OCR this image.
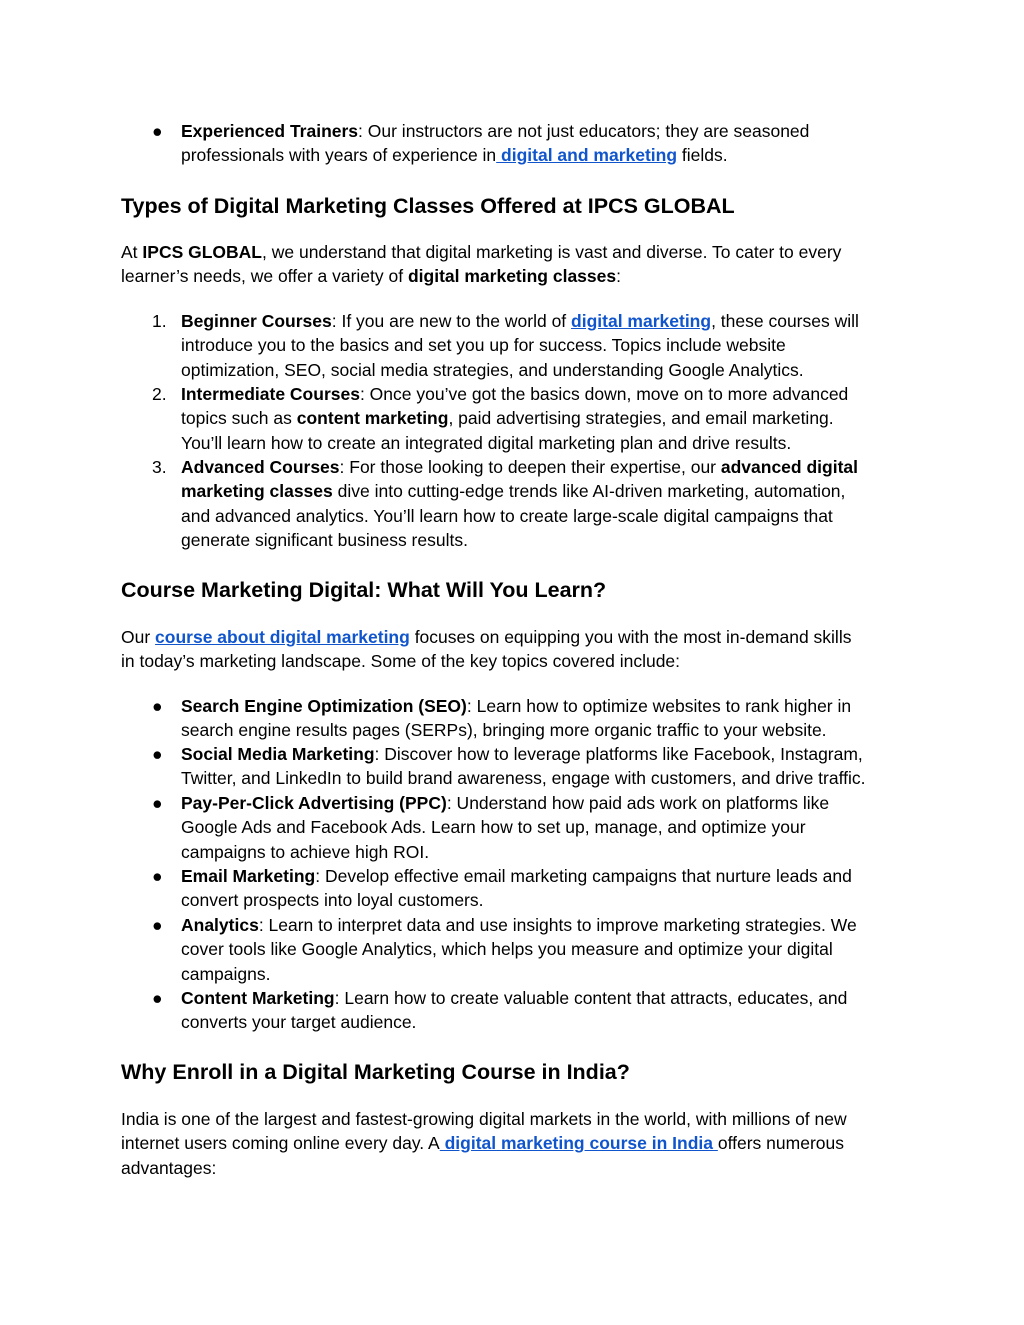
●	Experienced Trainers: Our instructors are not just educators; they are seasoned
professionals with years of experience in digital and marketing fields.
Types of Digital Marketing Classes Offered at IPCS GLOBAL
At IPCS GLOBAL, we understand that digital marketing is vast and diverse. To cater to every
learner’s needs, we offer a variety of digital marketing classes:
1. Beginner Courses: If you are new to the world of digital marketing, these courses will
introduce you to the basics and set you up for success. Topics include website
optimization, SEO, social media strategies, and understanding Google Analytics.
2. Intermediate Courses: Once you’ve got the basics down, move on to more advanced
topics such as content marketing, paid advertising strategies, and email marketing.
You’ll learn how to create an integrated digital marketing plan and drive results.
3. Advanced Courses: For those looking to deepen their expertise, our advanced digital
marketing classes dive into cutting-edge trends like AI-driven marketing, automation,
and advanced analytics. You’ll learn how to create large-scale digital campaigns that
generate significant business results.
Course Marketing Digital: What Will You Learn?
Our course about digital marketing focuses on equipping you with the most in-demand skills
in today’s marketing landscape. Some of the key topics covered include:
●	Search Engine Optimization (SEO): Learn how to optimize websites to rank higher in
search engine results pages (SERPs), bringing more organic traffic to your website.
●	Social Media Marketing: Discover how to leverage platforms like Facebook, Instagram,
Twitter, and LinkedIn to build brand awareness, engage with customers, and drive traffic.
●	Pay-Per-Click Advertising (PPC): Understand how paid ads work on platforms like
Google Ads and Facebook Ads. Learn how to set up, manage, and optimize your
campaigns to achieve high ROI.
●	Email Marketing: Develop effective email marketing campaigns that nurture leads and
convert prospects into loyal customers.
●	Analytics: Learn to interpret data and use insights to improve marketing strategies. We
cover tools like Google Analytics, which helps you measure and optimize your digital
campaigns.
●	Content Marketing: Learn how to create valuable content that attracts, educates, and
converts your target audience.
Why Enroll in a Digital Marketing Course in India?
India is one of the largest and fastest-growing digital markets in the world, with millions of new
internet users coming online every day. A digital marketing course in India offers numerous
advantages:
